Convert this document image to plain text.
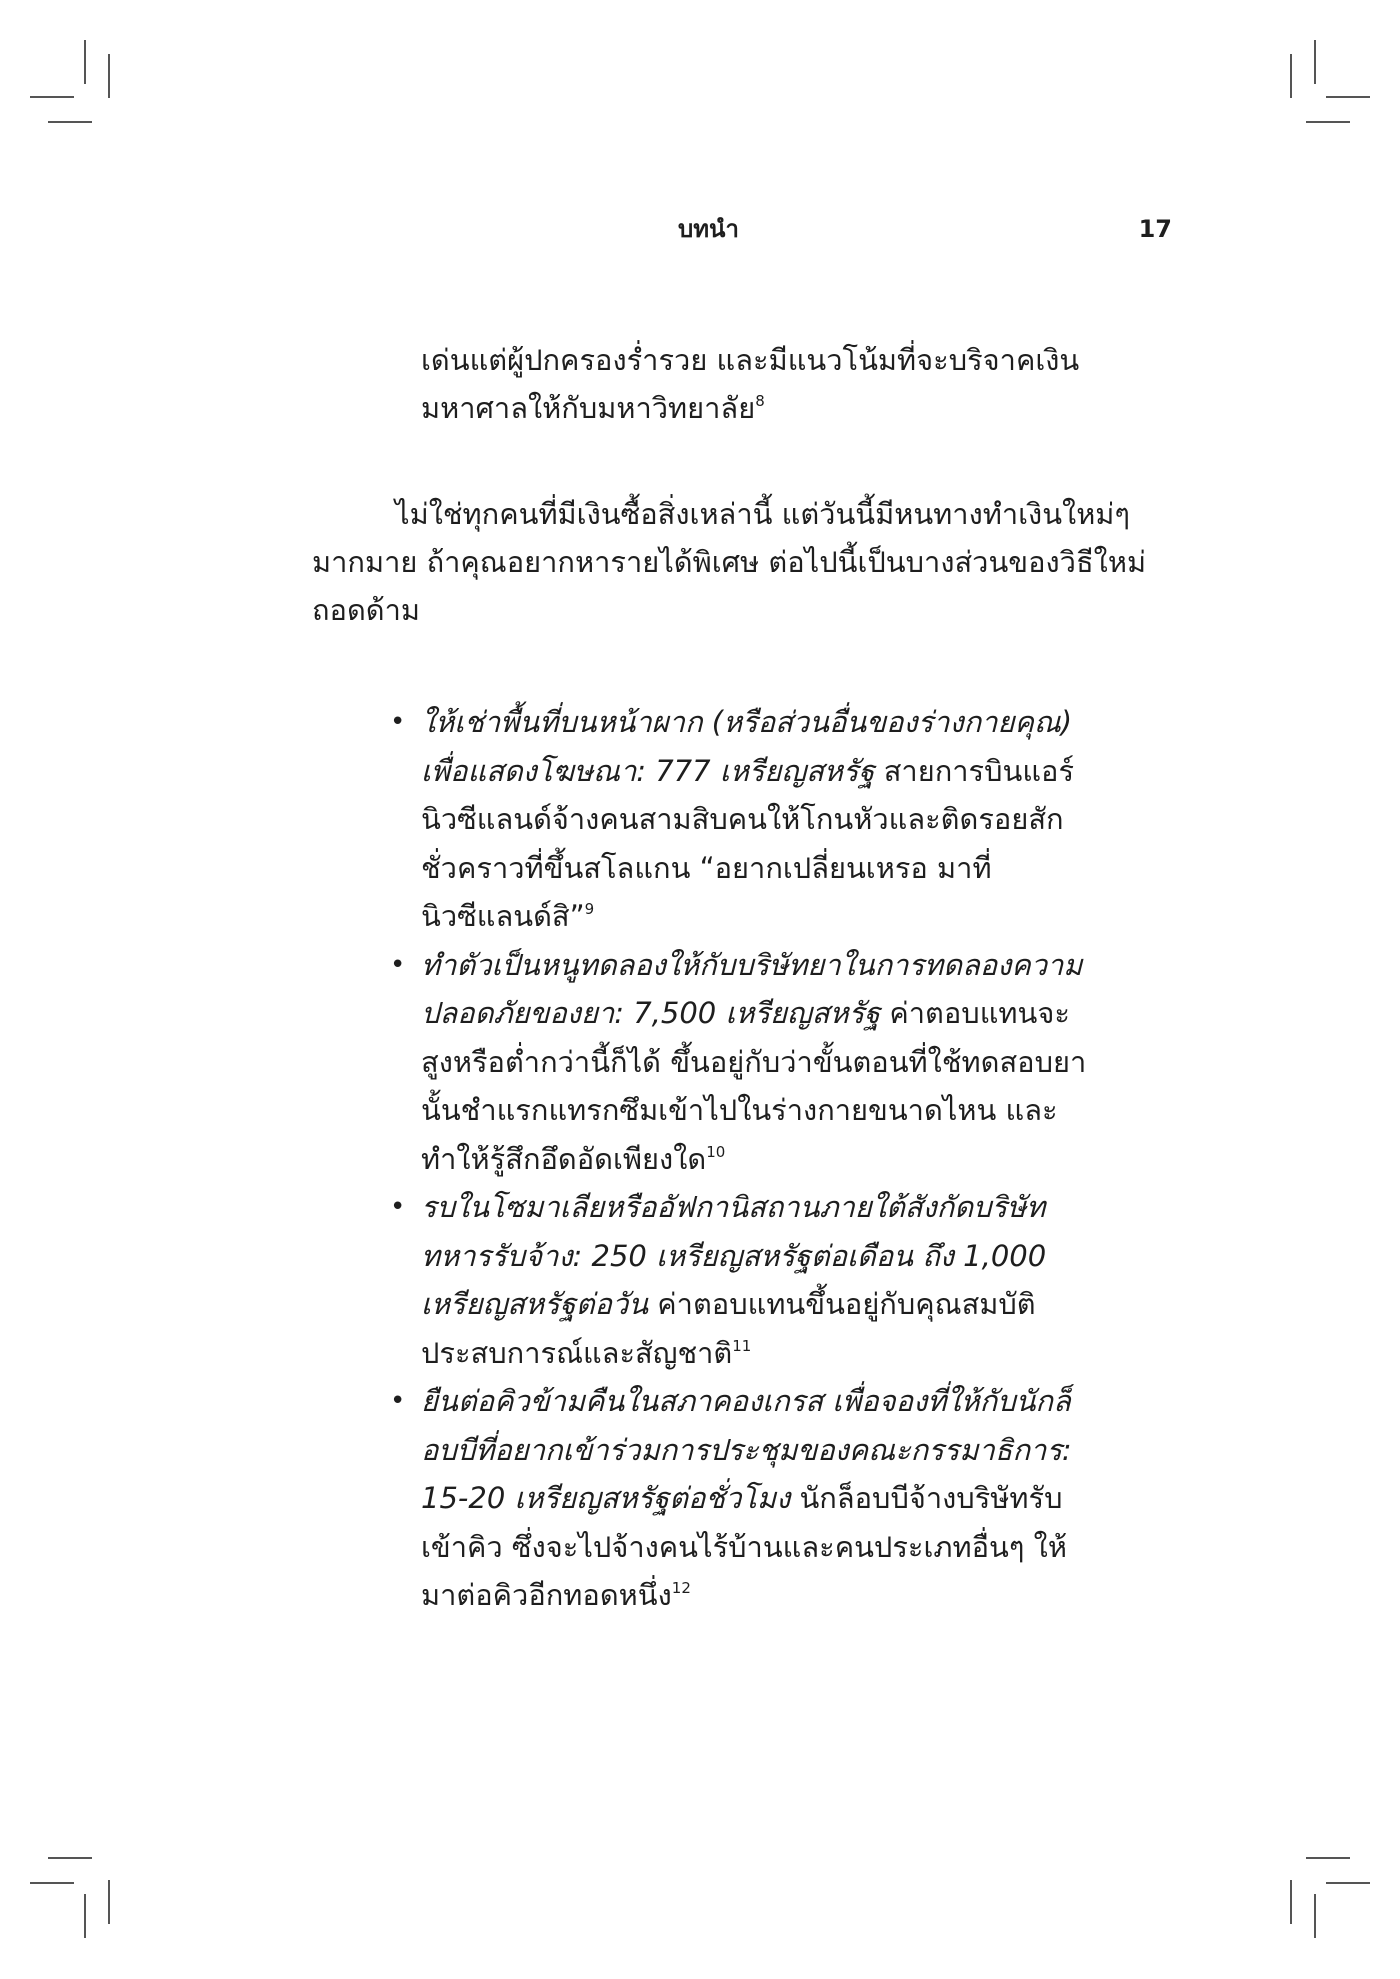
บทนำ	17
เด่นแต่ผู้ปกครองร่ำรวย และมีแนวโน้มที่จะบริจาคเงินมหาศาลให้กับมหาวิทยาลัย$^8$
ไม่ใช่ทุกคนที่มีเงินซื้อสิ่งเหล่านี้ แต่วันนี้มีหนทางทำเงินใหม่ๆ มากมาย ถ้าคุณอยากหารายได้พิเศษ ต่อไปนี้เป็นบางส่วนของวิธีใหม่ถอดด้าม
• ให้เช่าพื้นที่บนหน้าผาก (หรือส่วนอื่นของร่างกายคุณ) เพื่อแสดงโฆษณา: 777 เหรียญสหรัฐ สายการบินแอร์นิวซีแลนด์จ้างคนสามสิบคนให้โกนหัวและติดรอยสักชั่วคราวที่ขึ้นสโลแกน “อยากเปลี่ยนเหรอ มาที่นิวซีแลนด์สิ”$^9$
• ทำตัวเป็นหนูทดลองให้กับบริษัทยาในการทดลองความปลอดภัยของยา: 7,500 เหรียญสหรัฐ ค่าตอบแทนจะสูงหรือต่ำกว่านี้ก็ได้ ขึ้นอยู่กับว่าขั้นตอนที่ใช้ทดสอบยานั้นชำแรกแทรกซึมเข้าไปในร่างกายขนาดไหน และทำให้รู้สึกอึดอัดเพียงใด$^{10}$
• รบในโซมาเลียหรืออัฟกานิสถานภายใต้สังกัดบริษัททหารรับจ้าง: 250 เหรียญสหรัฐต่อเดือน ถึง 1,000 เหรียญสหรัฐต่อวัน ค่าตอบแทนขึ้นอยู่กับคุณสมบัติ ประสบการณ์และสัญชาติ$^{11}$
• ยืนต่อคิวข้ามคืนในสภาคองเกรส เพื่อจองที่ให้กับนักล็อบบีที่อยากเข้าร่วมการประชุมของคณะกรรมาธิการ: 15-20 เหรียญสหรัฐต่อชั่วโมง นักล็อบบีจ้างบริษัทรับเข้าคิว ซึ่งจะไปจ้างคนไร้บ้านและคนประเภทอื่นๆ ให้มาต่อคิวอีกทอดหนึ่ง$^{12}$
